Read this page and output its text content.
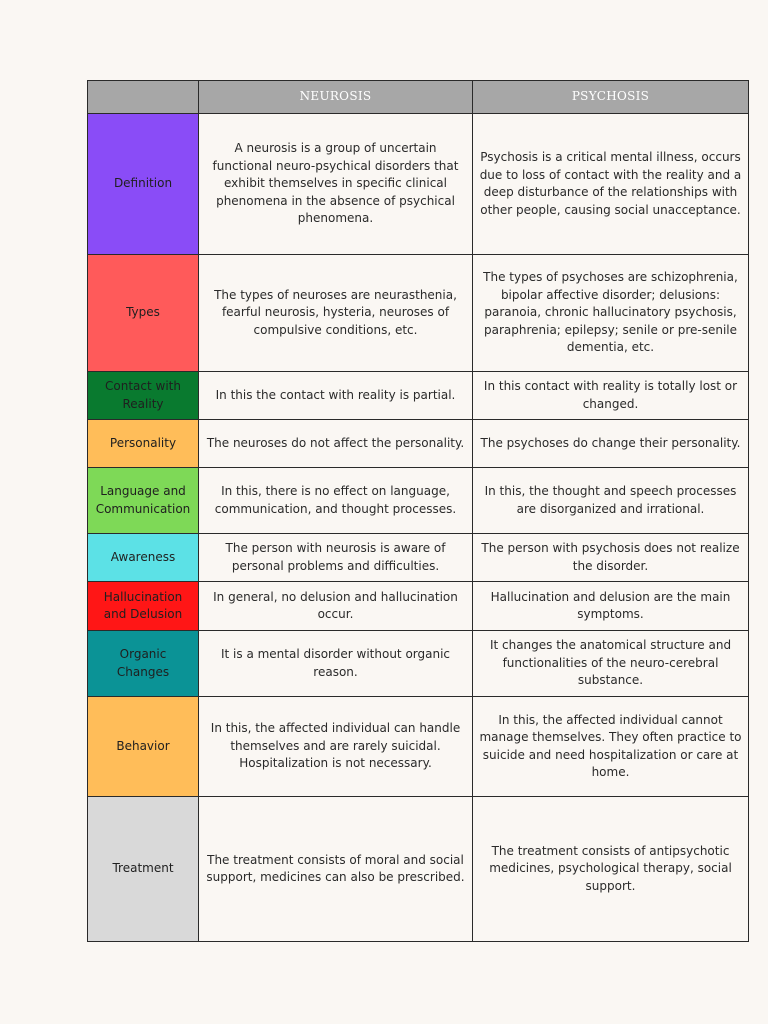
	NEUROSIS	PSYCHOSIS
Definition	A neurosis is a group of uncertain functional neuro-psychical disorders that exhibit themselves in specific clinical phenomena in the absence of psychical phenomena.	Psychosis is a critical mental illness, occurs due to loss of contact with the reality and a deep disturbance of the relationships with other people, causing social unacceptance.
Types	The types of neuroses are neurasthenia, fearful neurosis, hysteria, neuroses of compulsive conditions, etc.	The types of psychoses are schizophrenia, bipolar affective disorder; delusions: paranoia, chronic hallucinatory psychosis, paraphrenia; epilepsy; senile or pre-senile dementia, etc.
Contact with Reality	In this the contact with reality is partial.	In this contact with reality is totally lost or changed.
Personality	The neuroses do not affect the personality.	The psychoses do change their personality.
Language and Communication	In this, there is no effect on language, communication, and thought processes.	In this, the thought and speech processes are disorganized and irrational.
Awareness	The person with neurosis is aware of personal problems and difficulties.	The person with psychosis does not realize the disorder.
Hallucination and Delusion	In general, no delusion and hallucination occur.	Hallucination and delusion are the main symptoms.
Organic Changes	It is a mental disorder without organic reason.	It changes the anatomical structure and functionalities of the neuro-cerebral substance.
Behavior	In this, the affected individual can handle themselves and are rarely suicidal. Hospitalization is not necessary.	In this, the affected individual cannot manage themselves. They often practice to suicide and need hospitalization or care at home.
Treatment	The treatment consists of moral and social support, medicines can also be prescribed.	The treatment consists of antipsychotic medicines, psychological therapy, social support.
